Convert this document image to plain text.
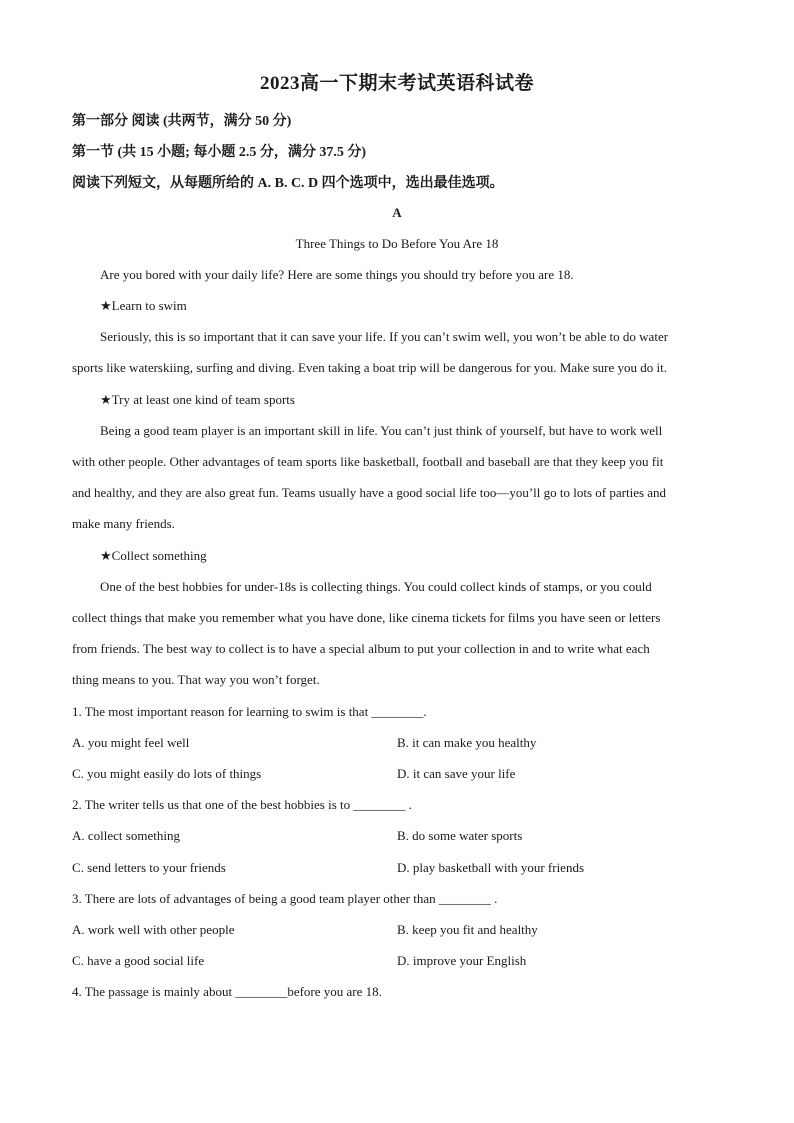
2023高一下期末考试英语科试卷
第一部分 阅读 (共两节，满分 50 分)
第一节 (共 15 小题; 每小题 2.5 分，满分 37.5 分)
阅读下列短文，从每题所给的 A. B. C. D 四个选项中，选出最佳选项。
A
Three Things to Do Before You Are 18
Are you bored with your daily life? Here are some things you should try before you are 18.
★Learn to swim
Seriously, this is so important that it can save your life. If you can’t swim well, you won’t be able to do water
sports like waterskiing, surfing and diving. Even taking a boat trip will be dangerous for you. Make sure you do it.
★Try at least one kind of team sports
Being a good team player is an important skill in life. You can’t just think of yourself, but have to work well
with other people. Other advantages of team sports like basketball, football and baseball are that they keep you fit
and healthy, and they are also great fun. Teams usually have a good social life too—you’ll go to lots of parties and
make many friends.
★Collect something
One of the best hobbies for under-18s is collecting things. You could collect kinds of stamps, or you could
collect things that make you remember what you have done, like cinema tickets for films you have seen or letters
from friends. The best way to collect is to have a special album to put your collection in and to write what each
thing means to you. That way you won’t forget.
1. The most important reason for learning to swim is that ________.
A. you might feel well	B. it can make you healthy
C. you might easily do lots of things	D. it can save your life
2. The writer tells us that one of the best hobbies is to ________ .
A. collect something	B. do some water sports
C. send letters to your friends	D. play basketball with your friends
3. There are lots of advantages of being a good team player other than ________ .
A. work well with other people	B. keep you fit and healthy
C. have a good social life	D. improve your English
4. The passage is mainly about ________before you are 18.
